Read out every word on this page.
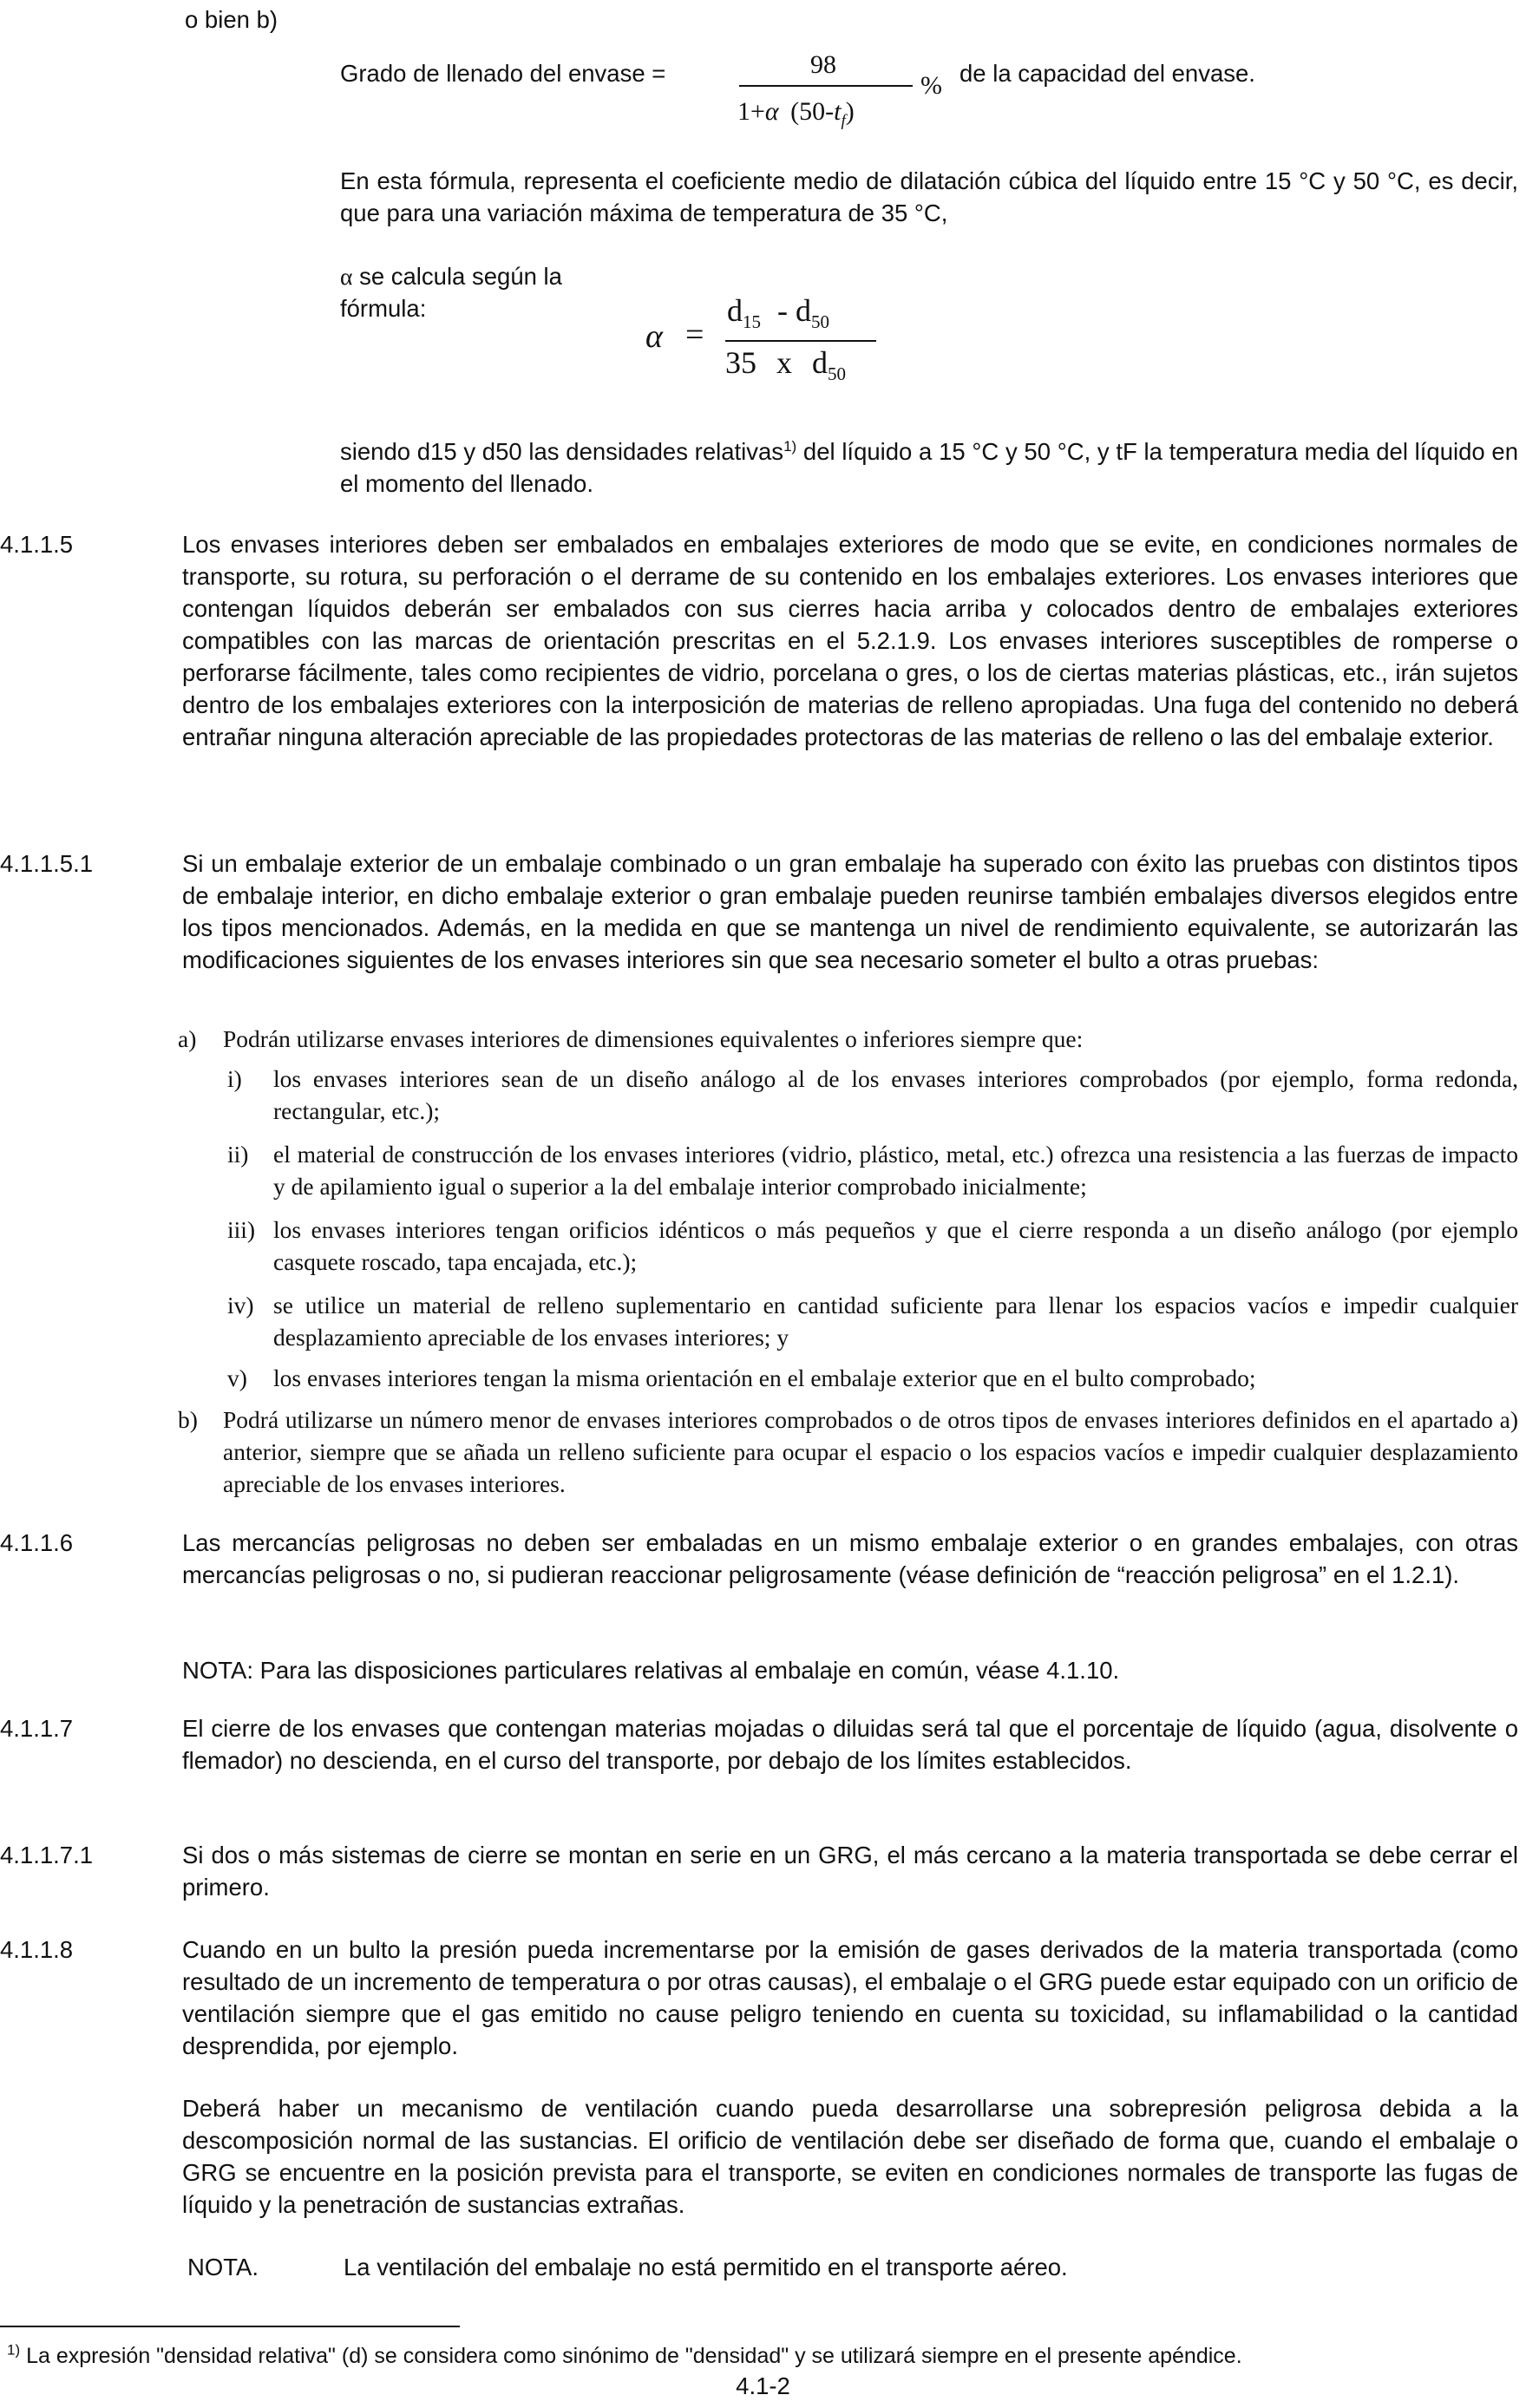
o bien b)
Grado de llenado del envase =	98
1+α $(50-t_f)$
% de la capacidad del envase.
En esta fórmula, representa el coeficiente medio de dilatación cúbica del líquido entre 15 °C y 50 °C, es decir, que para una variación máxima de temperatura de 35 °C,
α se calcula según la
fórmula:
α =
$d_{15} - d_{50}$
35 x $d_{50}$
siendo d15 y d50 las densidades relativas$^{1)}$ del líquido a 15 °C y 50 °C, y tF la temperatura media del líquido en el momento del llenado.
4.1.1.5	Los envases interiores deben ser embalados en embalajes exteriores de modo que se evite, en condiciones normales de transporte, su rotura, su perforación o el derrame de su contenido en los embalajes exteriores. Los envases interiores que contengan líquidos deberán ser embalados con sus cierres hacia arriba y colocados dentro de embalajes exteriores compatibles con las marcas de orientación prescritas en el 5.2.1.9. Los envases interiores susceptibles de romperse o perforarse fácilmente, tales como recipientes de vidrio, porcelana o gres, o los de ciertas materias plásticas, etc., irán sujetos dentro de los embalajes exteriores con la interposición de materias de relleno apropiadas. Una fuga del contenido no deberá entrañar ninguna alteración apreciable de las propiedades protectoras de las materias de relleno o las del embalaje exterior.
4.1.1.5.1	Si un embalaje exterior de un embalaje combinado o un gran embalaje ha superado con éxito las pruebas con distintos tipos de embalaje interior, en dicho embalaje exterior o gran embalaje pueden reunirse también embalajes diversos elegidos entre los tipos mencionados. Además, en la medida en que se mantenga un nivel de rendimiento equivalente, se autorizarán las modificaciones siguientes de los envases interiores sin que sea necesario someter el bulto a otras pruebas:
a) Podrán utilizarse envases interiores de dimensiones equivalentes o inferiores siempre que:
i) los envases interiores sean de un diseño análogo al de los envases interiores comprobados (por ejemplo, forma redonda, rectangular, etc.);
ii) el material de construcción de los envases interiores (vidrio, plástico, metal, etc.) ofrezca una resistencia a las fuerzas de impacto y de apilamiento igual o superior a la del embalaje interior comprobado inicialmente;
iii) los envases interiores tengan orificios idénticos o más pequeños y que el cierre responda a un diseño análogo (por ejemplo casquete roscado, tapa encajada, etc.);
iv) se utilice un material de relleno suplementario en cantidad suficiente para llenar los espacios vacíos e impedir cualquier desplazamiento apreciable de los envases interiores; y
v) los envases interiores tengan la misma orientación en el embalaje exterior que en el bulto comprobado;
b) Podrá utilizarse un número menor de envases interiores comprobados o de otros tipos de envases interiores definidos en el apartado a) anterior, siempre que se añada un relleno suficiente para ocupar el espacio o los espacios vacíos e impedir cualquier desplazamiento apreciable de los envases interiores.
4.1.1.6	Las mercancías peligrosas no deben ser embaladas en un mismo embalaje exterior o en grandes embalajes, con otras mercancías peligrosas o no, si pudieran reaccionar peligrosamente (véase definición de “reacción peligrosa” en el 1.2.1).
NOTA: Para las disposiciones particulares relativas al embalaje en común, véase 4.1.10.
4.1.1.7	El cierre de los envases que contengan materias mojadas o diluidas será tal que el porcentaje de líquido (agua, disolvente o flemador) no descienda, en el curso del transporte, por debajo de los límites establecidos.
4.1.1.7.1	Si dos o más sistemas de cierre se montan en serie en un GRG, el más cercano a la materia transportada se debe cerrar el primero.
4.1.1.8	Cuando en un bulto la presión pueda incrementarse por la emisión de gases derivados de la materia transportada (como resultado de un incremento de temperatura o por otras causas), el embalaje o el GRG puede estar equipado con un orificio de ventilación siempre que el gas emitido no cause peligro teniendo en cuenta su toxicidad, su inflamabilidad o la cantidad desprendida, por ejemplo.
Deberá haber un mecanismo de ventilación cuando pueda desarrollarse una sobrepresión peligrosa debida a la descomposición normal de las sustancias. El orificio de ventilación debe ser diseñado de forma que, cuando el embalaje o GRG se encuentre en la posición prevista para el transporte, se eviten en condiciones normales de transporte las fugas de líquido y la penetración de sustancias extrañas.
NOTA.	La ventilación del embalaje no está permitido en el transporte aéreo.
$^{1)}$ La expresión "densidad relativa" (d) se considera como sinónimo de "densidad" y se utilizará siempre en el presente apéndice.
4.1-2
